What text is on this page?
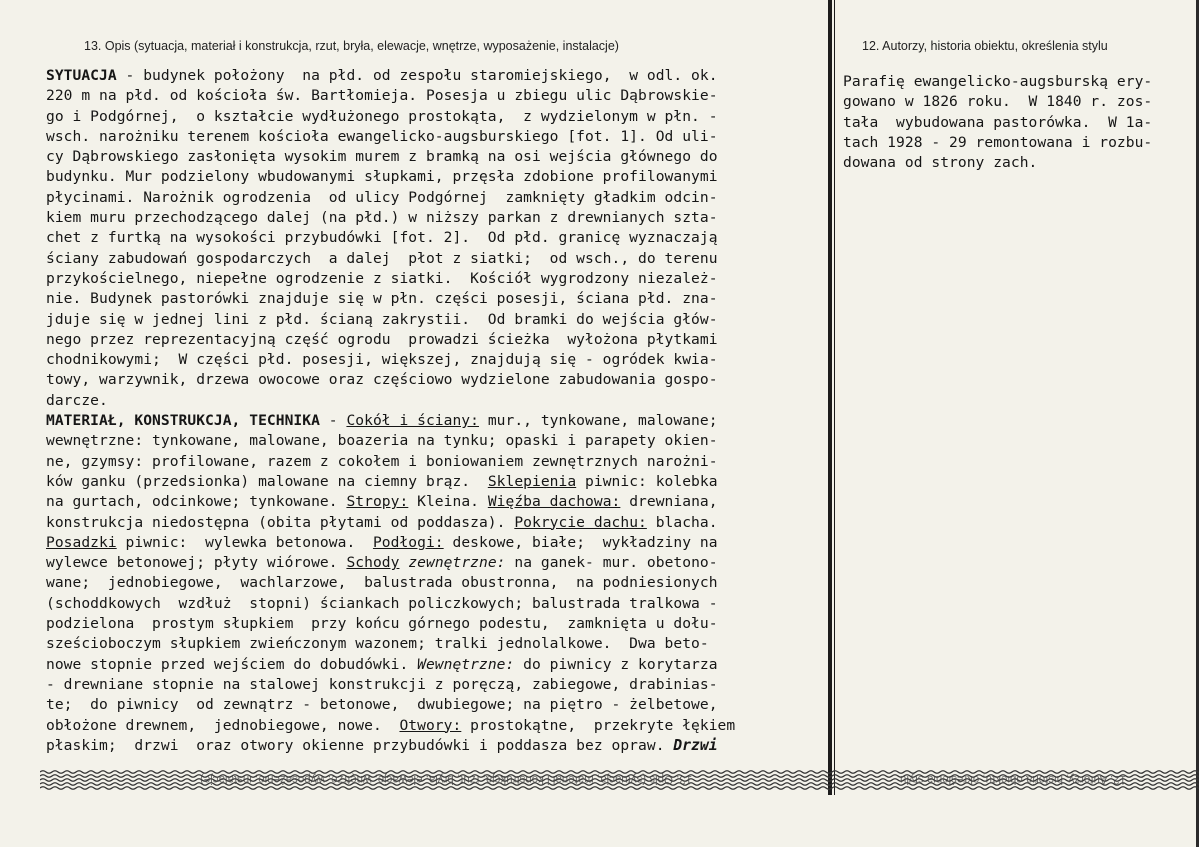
13. Opis (sytuacja, materiał i konstrukcja, rzut, bryła, elewacje, wnętrze, wyposażenie, instalacje)	12. Autorzy, historia obiektu, określenia stylu
SYTUACJA - budynek położony  na płd. od zespołu staromiejskiego,  w odl. ok.
220 m na płd. od kościoła św. Bartłomieja. Posesja u zbiegu ulic Dąbrowskie-
go i Podgórnej,  o kształcie wydłużonego prostokąta,  z wydzielonym w płn. -
wsch. narożniku terenem kościoła ewangelicko-augsburskiego [fot. 1]. Od uli-
cy Dąbrowskiego zasłonięta wysokim murem z bramką na osi wejścia głównego do
budynku. Mur podzielony wbudowanymi słupkami, przęsła zdobione profilowanymi
płycinami. Narożnik ogrodzenia  od ulicy Podgórnej  zamknięty gładkim odcin-
kiem muru przechodzącego dalej (na płd.) w niższy parkan z drewnianych szta-
chet z furtką na wysokości przybudówki [fot. 2].  Od płd. granicę wyznaczają
ściany zabudowań gospodarczych  a dalej  płot z siatki;  od wsch., do terenu
przykościelnego, niepełne ogrodzenie z siatki.  Kościół wygrodzony niezależ-
nie. Budynek pastorówki znajduje się w płn. części posesji, ściana płd. zna-
jduje się w jednej lini z płd. ścianą zakrystii.  Od bramki do wejścia głów-
nego przez reprezentacyjną część ogrodu  prowadzi ścieżka  wyłożona płytkami
chodnikowymi;  W części płd. posesji, większej, znajdują się - ogródek kwia-
towy, warzywnik, drzewa owocowe oraz częściowo wydzielone zabudowania gospo-
darcze.
MATERIAŁ, KONSTRUKCJA, TECHNIKA - Cokół i ściany: mur., tynkowane, malowane;
wewnętrzne: tynkowane, malowane, boazeria na tynku; opaski i parapety okien-
ne, gzymsy: profilowane, razem z cokołem i boniowaniem zewnętrznych narożni-
ków ganku (przedsionka) malowane na ciemny brąz.  Sklepienia piwnic: kolebka
na gurtach, odcinkowe; tynkowane. Stropy: Kleina. Więźba dachowa: drewniana,
konstrukcja niedostępna (obita płytami od poddasza). Pokrycie dachu: blacha.
Posadzki piwnic:  wylewka betonowa.  Podłogi: deskowe, białe;  wykładziny na
wylewce betonowej; płyty wiórowe. Schody zewnętrzne: na ganek- mur. obetono-
wane;  jednobiegowe,  wachlarzowe,  balustrada obustronna,  na podniesionych
(schoddkowych  wzdłuż  stopni) ściankach policzkowych; balustrada tralkowa -
podzielona  prostym słupkiem  przy końcu górnego podestu,  zamknięta u dołu-
sześcioboczym słupkiem zwieńczonym wazonem; tralki jednolalkowe.  Dwa beto-
nowe stopnie przed wejściem do dobudówki. Wewnętrzne: do piwnicy z korytarza
- drewniane stopnie na stalowej konstrukcji z poręczą, zabiegowe, drabinias-
te;  do piwnicy  od zewnątrz - betonowe,  dwubiegowe; na piętro - żelbetowe,
obłożone drewnem,  jednobiegowe, nowe.  Otwory: prostokątne,  przekryte łękiem
płaskim;  drzwi  oraz otwory okienne przybudówki i poddasza bez opraw. Drzwi
Parafię ewangelicko-augsburską ery-
gowano w 1826 roku.  W 1840 r. zos-
tała  wybudowana pastorówka.  W 1a-
tach 1928 - 29 remontowana i rozbu-
dowana od strony zach.
13. Opis (sytuacja, materiał i konstrukcja, rzut, bryła, elewacje, wnętrze, wyposażenie, instalacje)	12. Autorzy, historia obiektu, określenia stylu
